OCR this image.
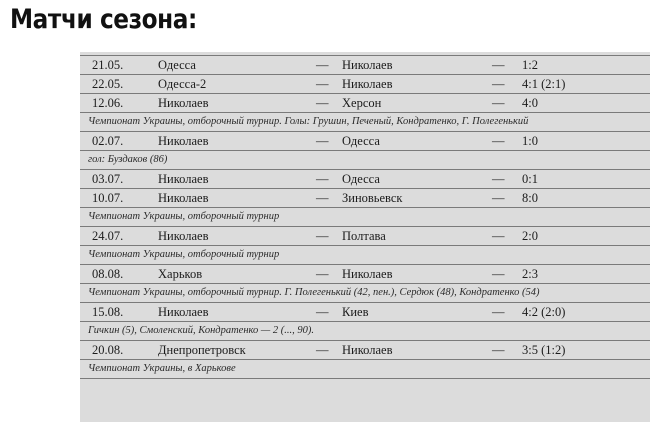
Матчи сезона:
21.05.	Одесса	— Николаев	— 1:2
22.05.	Одесса-2	— Николаев	— 4:1 (2:1)
12.06.	Николаев	— Херсон	— 4:0
Чемпионат Украины, отборочный турнир. Голы: Грушин, Печеный, Кондратенко, Г. Полегенький
02.07.	Николаев	— Одесса	— 1:0
гол: Буздаков (86)
03.07.	Николаев	— Одесса	— 0:1
10.07.	Николаев	— Зиновьевск	— 8:0
Чемпионат Украины, отборочный турнир
24.07.	Николаев	— Полтава	— 2:0
Чемпионат Украины, отборочный турнир
08.08.	Харьков	— Николаев	— 2:3
Чемпионат Украины, отборочный турнир. Г. Полегенький (42, пен.), Сердюк (48), Кондратенко (54)
15.08.	Николаев	— Киев	— 4:2 (2:0)
Гичкин (5), Смоленский, Кондратенко — 2 (..., 90).
20.08.	Днепропетровск	— Николаев	— 3:5 (1:2)
Чемпионат Украины, в Харькове
